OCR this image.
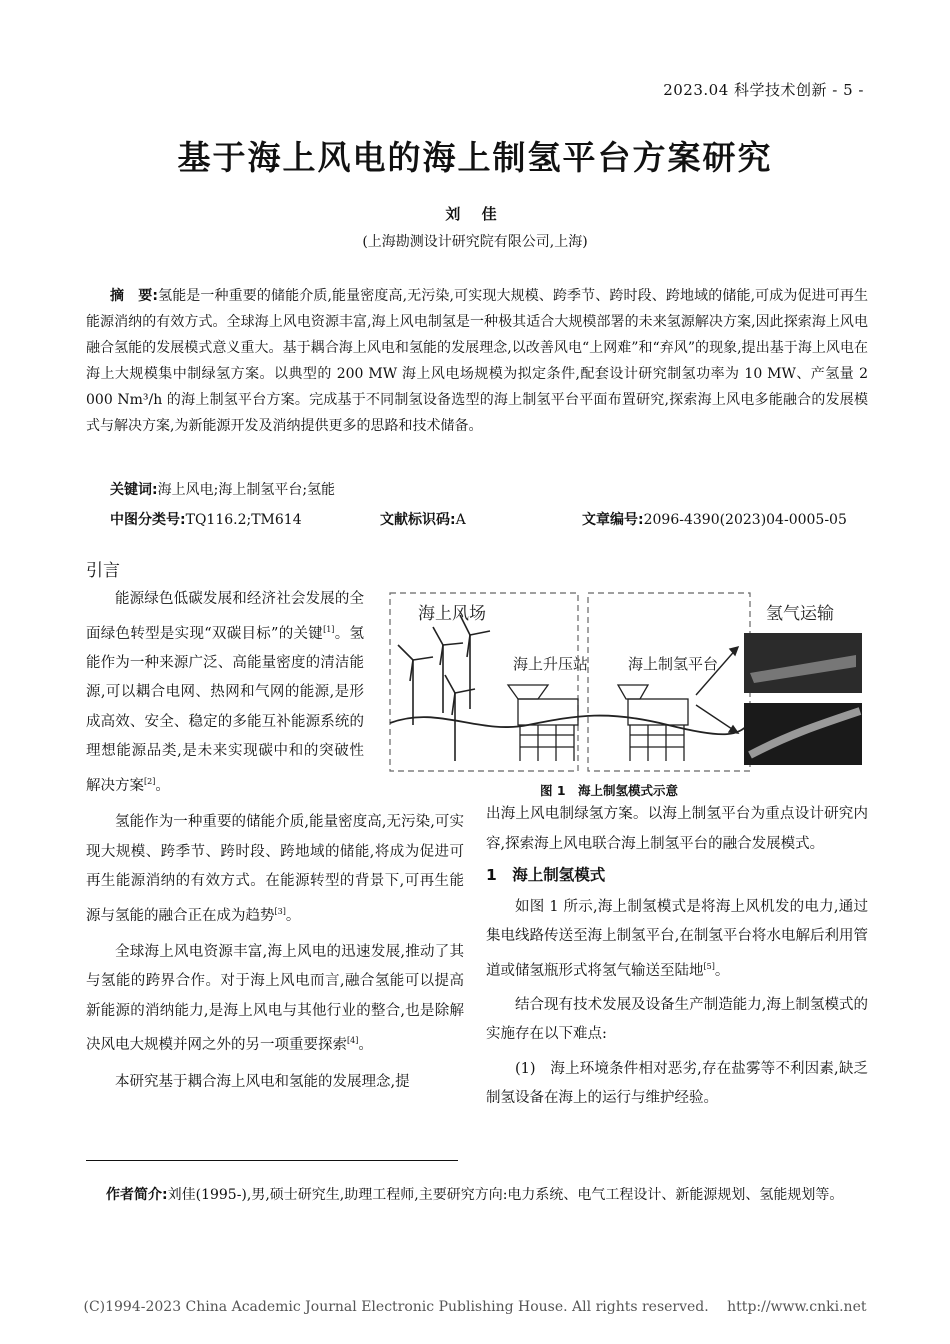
2023.04 科学技术创新 - 5 -
基于海上风电的海上制氢平台方案研究
刘 佳
(上海勘测设计研究院有限公司,上海)
摘　要:氢能是一种重要的储能介质,能量密度高,无污染,可实现大规模、跨季节、跨时段、跨地域的储能,可成为促进可再生能源消纳的有效方式。全球海上风电资源丰富,海上风电制氢是一种极其适合大规模部署的未来氢源解决方案,因此探索海上风电融合氢能的发展模式意义重大。基于耦合海上风电和氢能的发展理念,以改善风电“上网难”和“弃风”的现象,提出基于海上风电在海上大规模集中制绿氢方案。以典型的 200 MW 海上风电场规模为拟定条件,配套设计研究制氢功率为 10 MW、产氢量 2 000 Nm³/h 的海上制氢平台方案。完成基于不同制氢设备选型的海上制氢平台平面布置研究,探索海上风电多能融合的发展模式与解决方案,为新能源开发及消纳提供更多的思路和技术储备。
关键词:海上风电;海上制氢平台;氢能
中图分类号:TQ116.2;TM614	文献标识码:A	文章编号:2096-4390(2023)04-0005-05
引言

能源绿色低碳发展和经济社会发展的全面绿色转型是实现“双碳目标”的关键[1]。氢能作为一种来源广泛、高能量密度的清洁能源,可以耦合电网、热网和气网的能源,是形成高效、安全、稳定的多能互补能源系统的理想能源品类,是未来实现碳中和的突破性解决方案[2]。

氢能作为一种重要的储能介质,能量密度高,无污染,可实现大规模、跨季节、跨时段、跨地域的储能,将成为促进可再生能源消纳的有效方式。在能源转型的背景下,可再生能源与氢能的融合正在成为趋势[3]。

全球海上风电资源丰富,海上风电的迅速发展,推动了其与氢能的跨界合作。对于海上风电而言,融合氢能可以提高新能源的消纳能力,是海上风电与其他行业的整合,也是除解决风电大规模并网之外的另一项重要探索[4]。

本研究基于耦合海上风电和氢能的发展理念,提

海上风场
海上升压站	海上制氢平台
氢气运输
图 1　海上制氢模式示意

出海上风电制绿氢方案。以海上制氢平台为重点设计研究内容,探索海上风电联合海上制氢平台的融合发展模式。

1　海上制氢模式

如图 1 所示,海上制氢模式是将海上风机发的电力,通过集电线路传送至海上制氢平台,在制氢平台将水电解后利用管道或储氢瓶形式将氢气输送至陆地[5]。

结合现有技术发展及设备生产制造能力,海上制氢模式的实施存在以下难点:

(1)　海上环境条件相对恶劣,存在盐雾等不利因素,缺乏制氢设备在海上的运行与维护经验。

作者简介:刘佳(1995-),男,硕士研究生,助理工程师,主要研究方向:电力系统、电气工程设计、新能源规划、氢能规划等。
(C)1994-2023 China Academic Journal Electronic Publishing House. All rights reserved.　 http://www.cnki.net
